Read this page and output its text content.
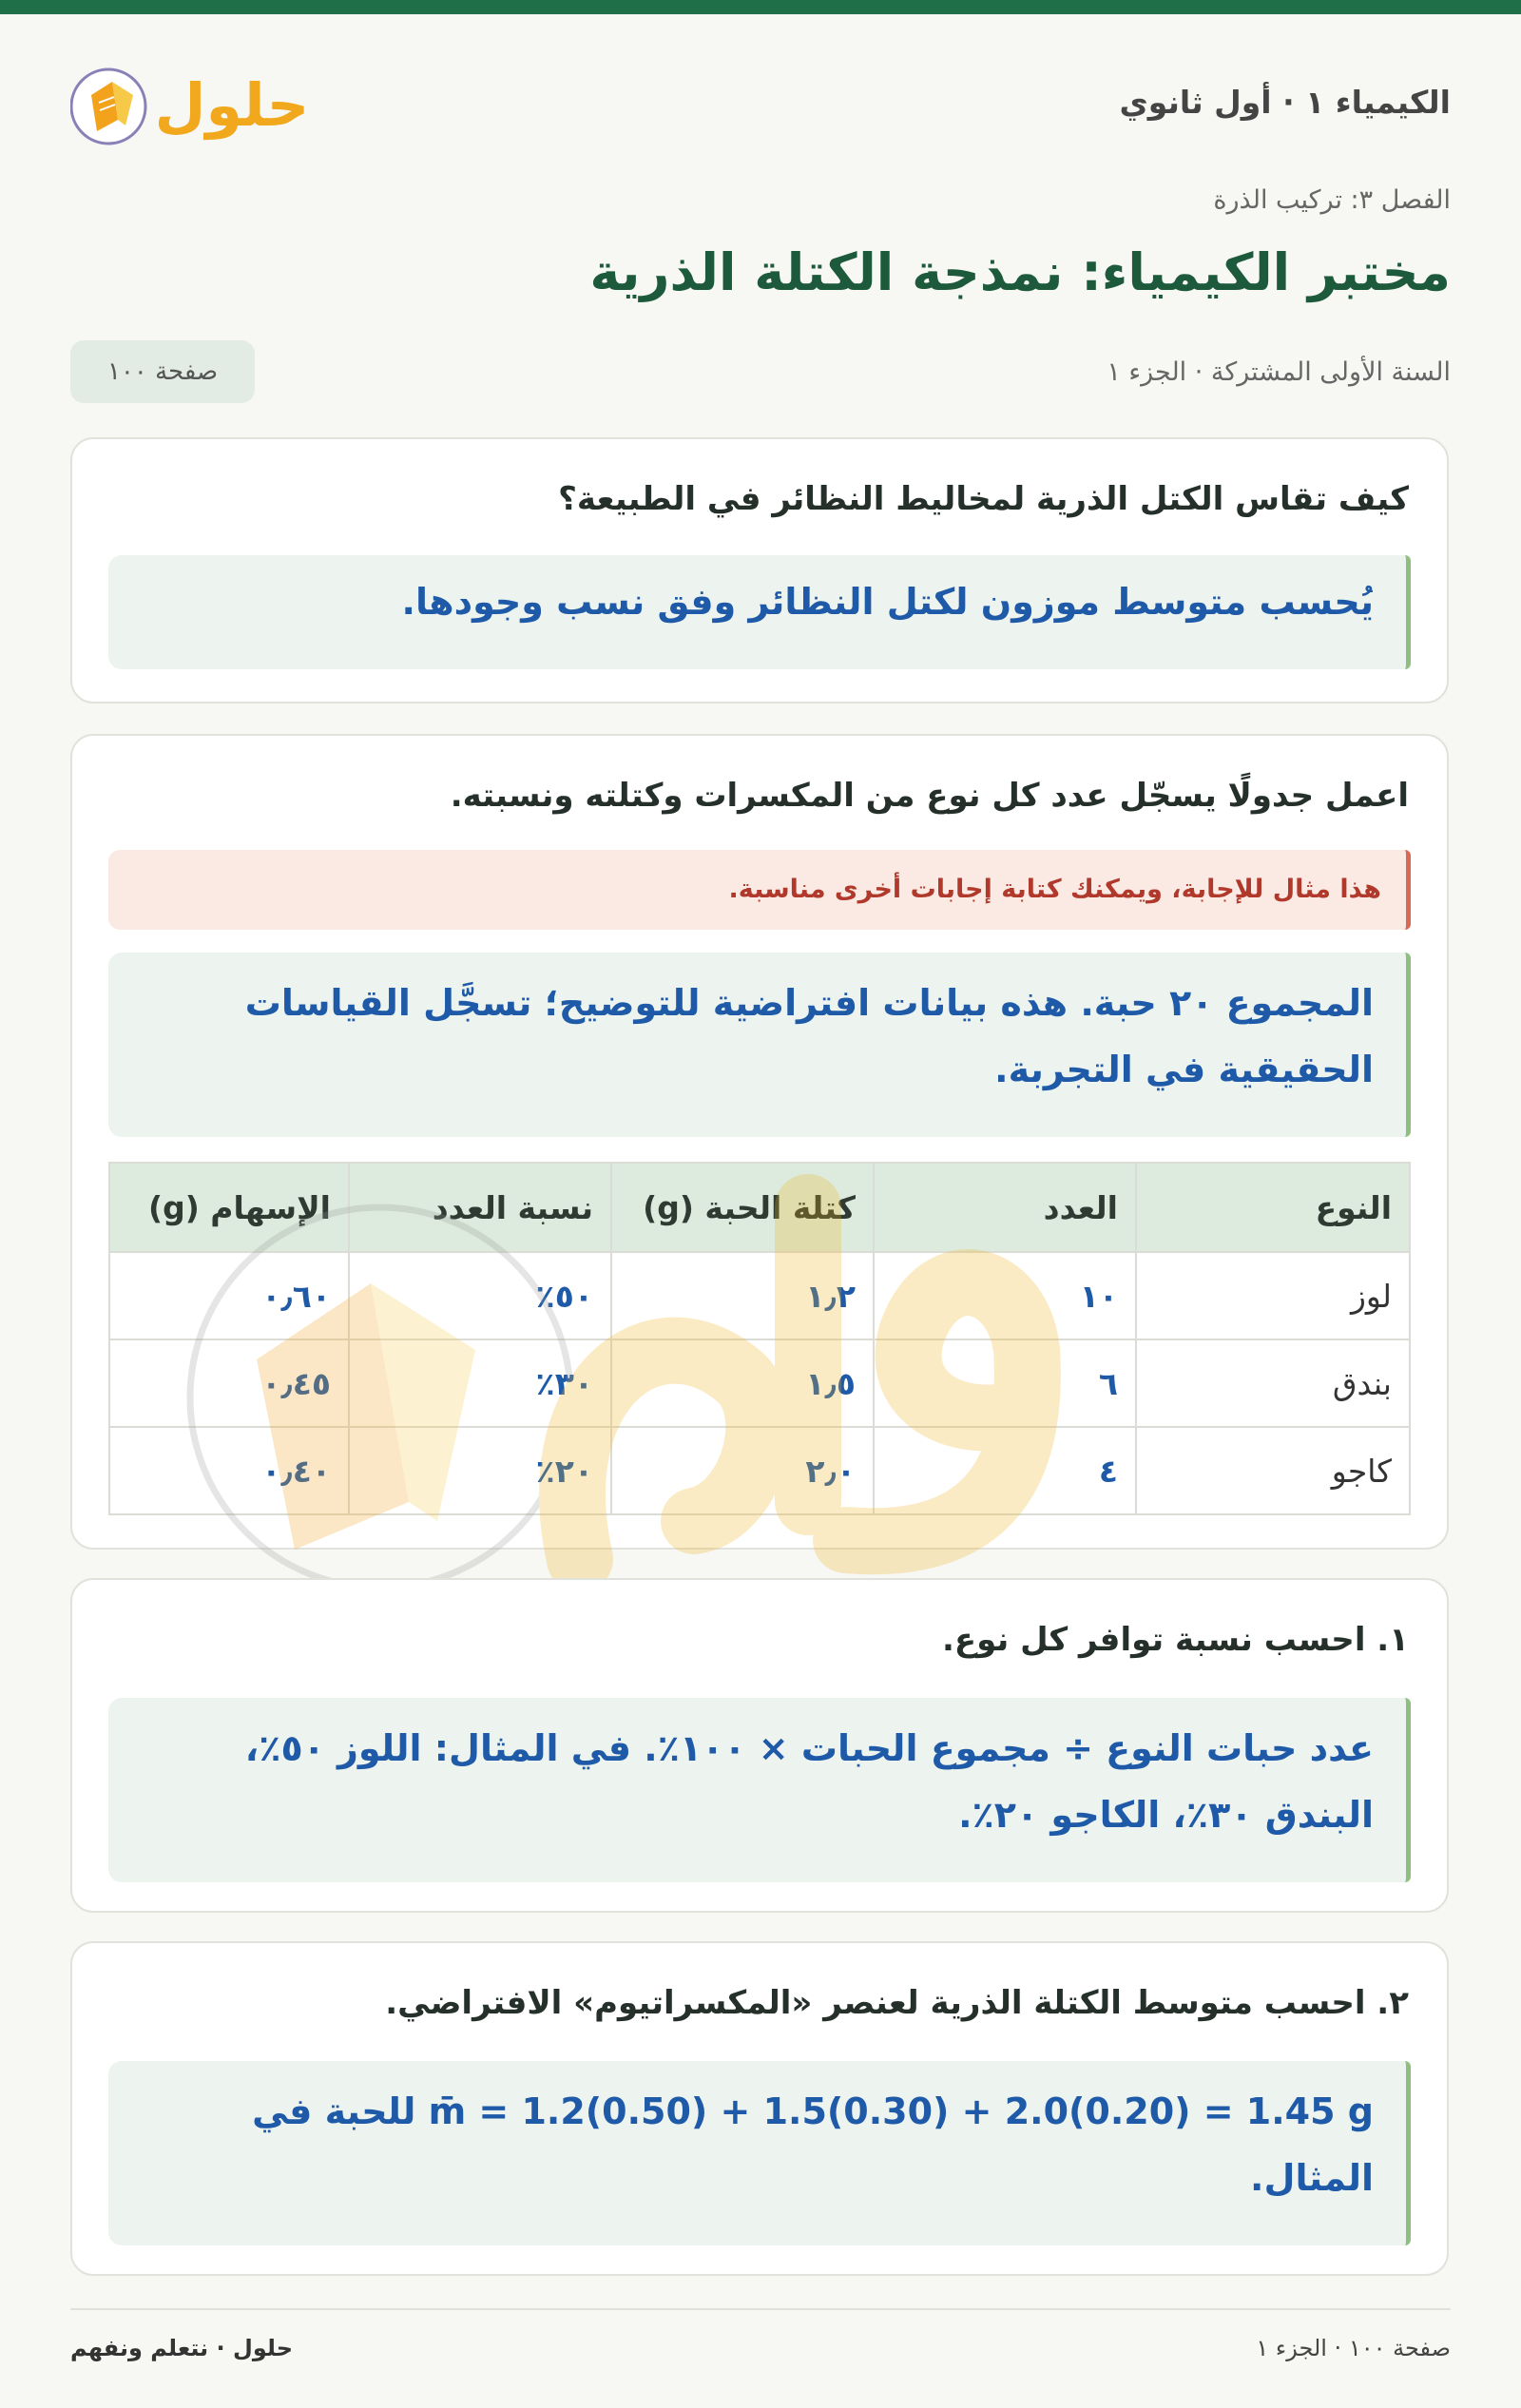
الكيمياء ١ · أول ثانوي
حلول
الفصل ٣: تركيب الذرة
مختبر الكيمياء: نمذجة الكتلة الذرية
السنة الأولى المشتركة · الجزء ١
صفحة ١٠٠
كيف تقاس الكتل الذرية لمخاليط النظائر في الطبيعة؟
يُحسب متوسط موزون لكتل النظائر وفق نسب وجودها.
اعمل جدولًا يسجّل عدد كل نوع من المكسرات وكتلته ونسبته.
هذا مثال للإجابة، ويمكنك كتابة إجابات أخرى مناسبة.
المجموع ٢٠ حبة. هذه بيانات افتراضية للتوضيح؛ تسجَّل القياسات الحقيقية في التجربة.
النوع	العدد	كتلة الحبة (g)	نسبة العدد	الإسهام (g)
لوز	١٠	١٫٢	٥٠٪	٠٫٦٠
بندق	٦	١٫٥	٣٠٪	٠٫٤٥
كاجو	٤	٢٫٠	٢٠٪	٠٫٤٠
١. احسب نسبة توافر كل نوع.
عدد حبات النوع ÷ مجموع الحبات × ١٠٠٪. في المثال: اللوز ٥٠٪، البندق ٣٠٪، الكاجو ٢٠٪.
٢. احسب متوسط الكتلة الذرية لعنصر «المكسراتيوم» الافتراضي.
m̄ = 1.2(0.50) + 1.5(0.30) + 2.0(0.20) = 1.45 g للحبة في المثال.
حلول · نتعلم ونفهم	صفحة ١٠٠ · الجزء ١
